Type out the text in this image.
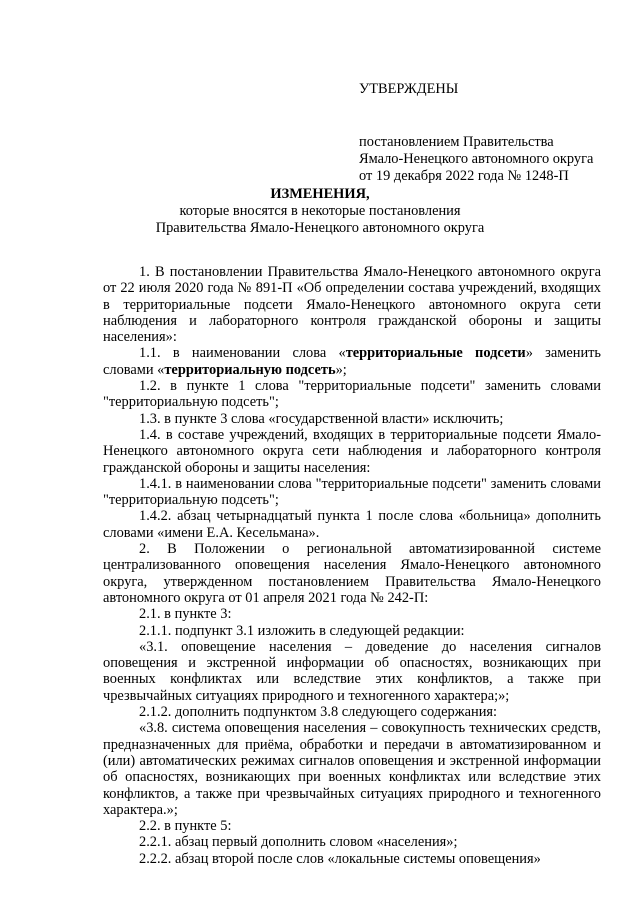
УТВЕРЖДЕНЫ
постановлением Правительства
Ямало-Ненецкого автономного округа
от 19 декабря 2022 года № 1248-П
ИЗМЕНЕНИЯ,
которые вносятся в некоторые постановления
Правительства Ямало-Ненецкого автономного округа

1. В постановлении Правительства Ямало-Ненецкого автономного округа от 22 июля 2020 года № 891-П «Об определении состава учреждений, входящих в территориальные подсети Ямало-Ненецкого автономного округа сети наблюдения и лабораторного контроля гражданской обороны и защиты населения»:

1.1. в наименовании слова «территориальные подсети» заменить словами «территориальную подсеть»;

1.2. в пункте 1 слова "территориальные подсети" заменить словами "территориальную подсеть";

1.3. в пункте 3 слова «государственной власти» исключить;

1.4. в составе учреждений, входящих в территориальные подсети Ямало-Ненецкого автономного округа сети наблюдения и лабораторного контроля гражданской обороны и защиты населения:

1.4.1. в наименовании слова "территориальные подсети" заменить словами "территориальную подсеть";

1.4.2. абзац четырнадцатый пункта 1 после слова «больница» дополнить словами «имени Е.А. Кесельмана».

2. В Положении о региональной автоматизированной системе централизованного оповещения населения Ямало-Ненецкого автономного округа, утвержденном постановлением Правительства Ямало-Ненецкого автономного округа от 01 апреля 2021 года № 242-П:

2.1. в пункте 3:

2.1.1. подпункт 3.1 изложить в следующей редакции:

«3.1. оповещение населения – доведение до населения сигналов оповещения и экстренной информации об опасностях, возникающих при военных конфликтах или вследствие этих конфликтов, а также при чрезвычайных ситуациях природного и техногенного характера;»;

2.1.2. дополнить подпунктом 3.8 следующего содержания:

«3.8. система оповещения населения – совокупность технических средств, предназначенных для приёма, обработки и передачи в автоматизированном и (или) автоматических режимах сигналов оповещения и экстренной информации об опасностях, возникающих при военных конфликтах или вследствие этих конфликтов, а также при чрезвычайных ситуациях природного и техногенного характера.»;

2.2. в пункте 5:

2.2.1. абзац первый дополнить словом «населения»;

2.2.2. абзац второй после слов «локальные системы оповещения»
